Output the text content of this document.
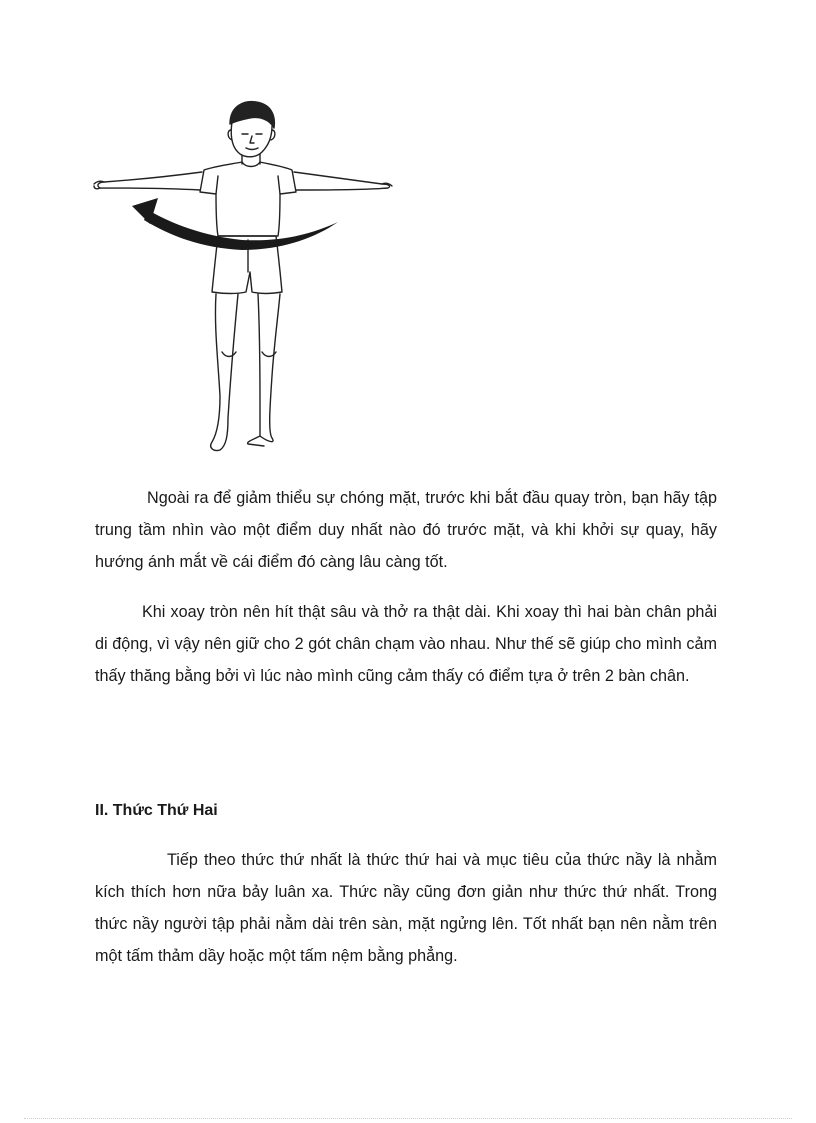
Ngoài ra để giảm thiểu sự chóng mặt, trước khi bắt đầu quay tròn, bạn hãy tập trung tầm nhìn vào một điểm duy nhất nào đó trước mặt, và khi khởi sự quay, hãy hướng ánh mắt về cái điểm đó càng lâu càng tốt.

Khi xoay tròn nên hít thật sâu và thở ra thật dài. Khi xoay thì hai bàn chân phải di động, vì vậy nên giữ cho 2 gót chân chạm vào nhau. Như thế sẽ giúp cho mình cảm thấy thăng bằng bởi vì lúc nào mình cũng cảm thấy có điểm tựa ở trên 2 bàn chân.

II. Thức Thứ Hai

Tiếp theo thức thứ nhất là thức thứ hai và mục tiêu của thức nầy là nhằm kích thích hơn nữa bảy luân xa. Thức nầy cũng đơn giản như thức thứ nhất. Trong thức nầy người tập phải nằm dài trên sàn, mặt ngửng lên. Tốt nhất bạn nên nằm trên một tấm thảm dầy hoặc một tấm nệm bằng phẳng.
